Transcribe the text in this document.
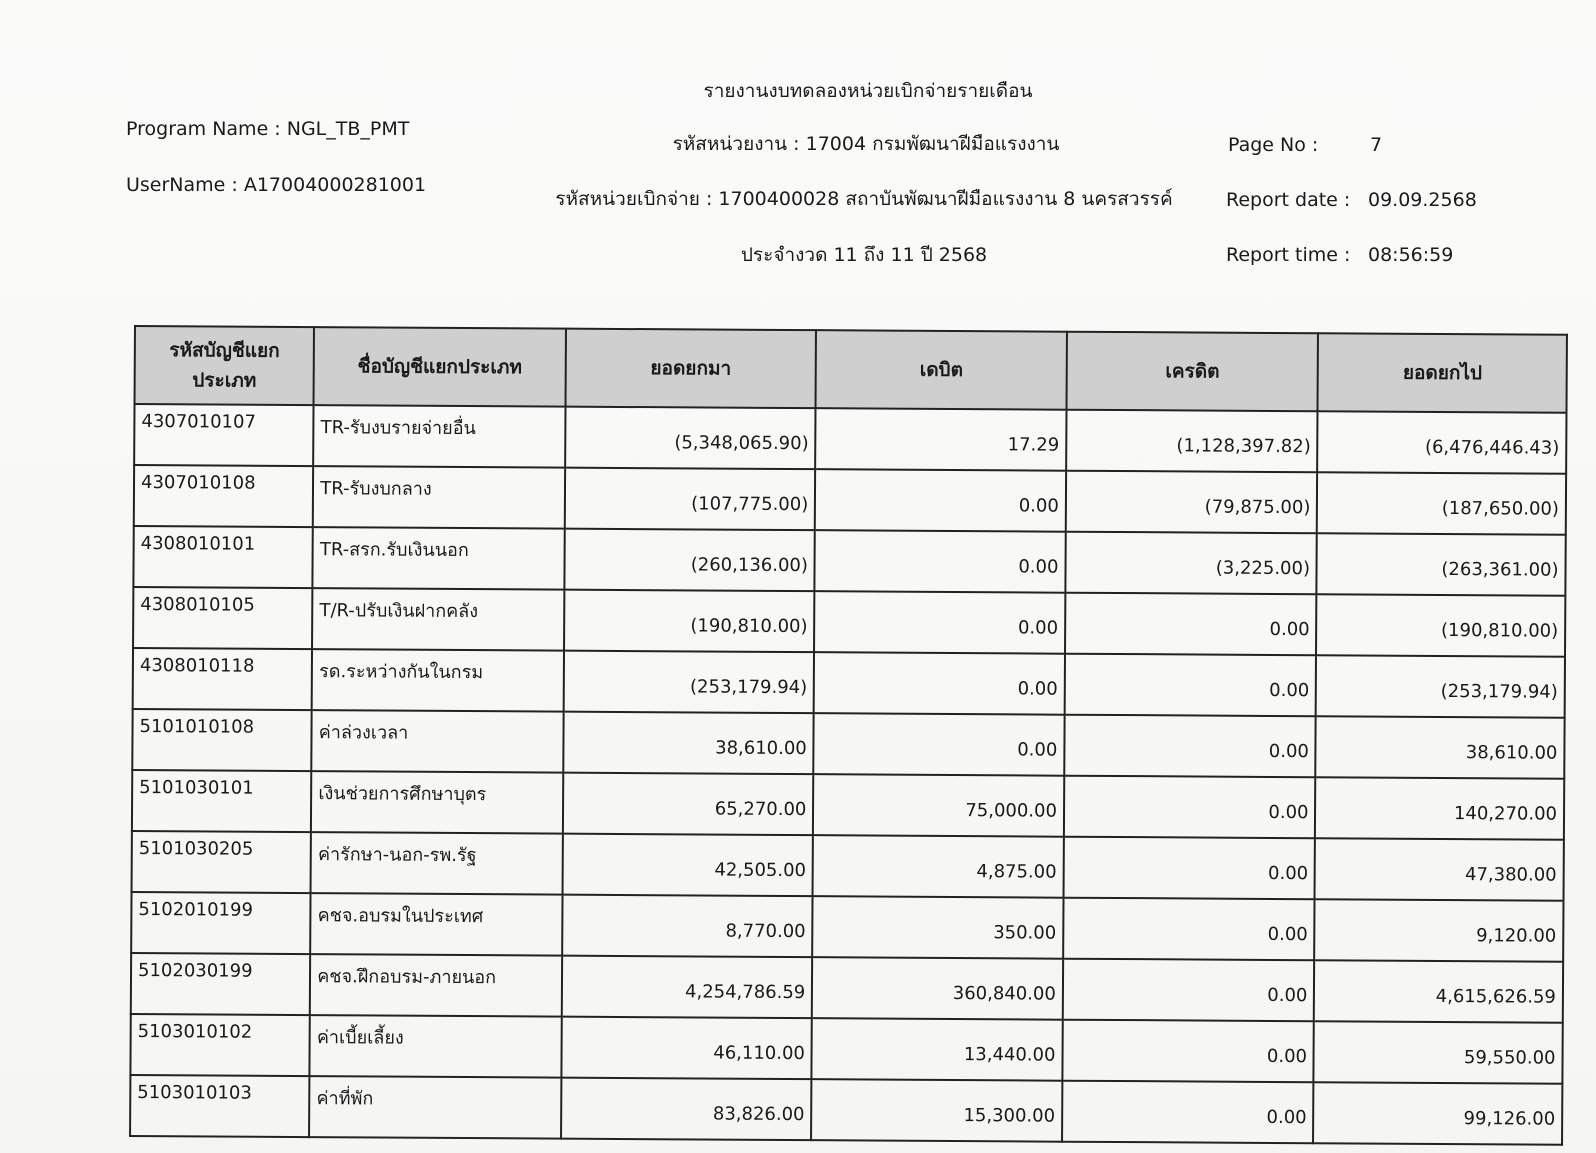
รายงานงบทดลองหน่วยเบิกจ่ายรายเดือน
Program Name : NGL_TB_PMT
รหัสหน่วยงาน : 17004 กรมพัฒนาฝีมือแรงงาน	Page No :	7
UserName : A17004000281001
รหัสหน่วยเบิกจ่าย : 1700400028 สถาบันพัฒนาฝีมือแรงงาน 8 นครสวรรค์	Report date : 09.09.2568
ประจำงวด 11 ถึง 11 ปี 2568	Report time : 08:56:59
รหัสบัญชีแยกประเภท	ชื่อบัญชีแยกประเภท	ยอดยกมา	เดบิต	เครดิต	ยอดยกไป
4307010107	TR-รับงบรายจ่ายอื่น	(5,348,065.90)	17.29	(1,128,397.82)	(6,476,446.43)
4307010108	TR-รับงบกลาง	(107,775.00)	0.00	(79,875.00)	(187,650.00)
4308010101	TR-สรก.รับเงินนอก	(260,136.00)	0.00	(3,225.00)	(263,361.00)
4308010105	T/R-ปรับเงินฝากคลัง	(190,810.00)	0.00	0.00	(190,810.00)
4308010118	รด.ระหว่างกันในกรม	(253,179.94)	0.00	0.00	(253,179.94)
5101010108	ค่าล่วงเวลา	38,610.00	0.00	0.00	38,610.00
5101030101	เงินช่วยการศึกษาบุตร	65,270.00	75,000.00	0.00	140,270.00
5101030205	ค่ารักษา-นอก-รพ.รัฐ	42,505.00	4,875.00	0.00	47,380.00
5102010199	คชจ.อบรมในประเทศ	8,770.00	350.00	0.00	9,120.00
5102030199	คชจ.ฝึกอบรม-ภายนอก	4,254,786.59	360,840.00	0.00	4,615,626.59
5103010102	ค่าเบี้ยเลี้ยง	46,110.00	13,440.00	0.00	59,550.00
5103010103	ค่าที่พัก	83,826.00	15,300.00	0.00	99,126.00
